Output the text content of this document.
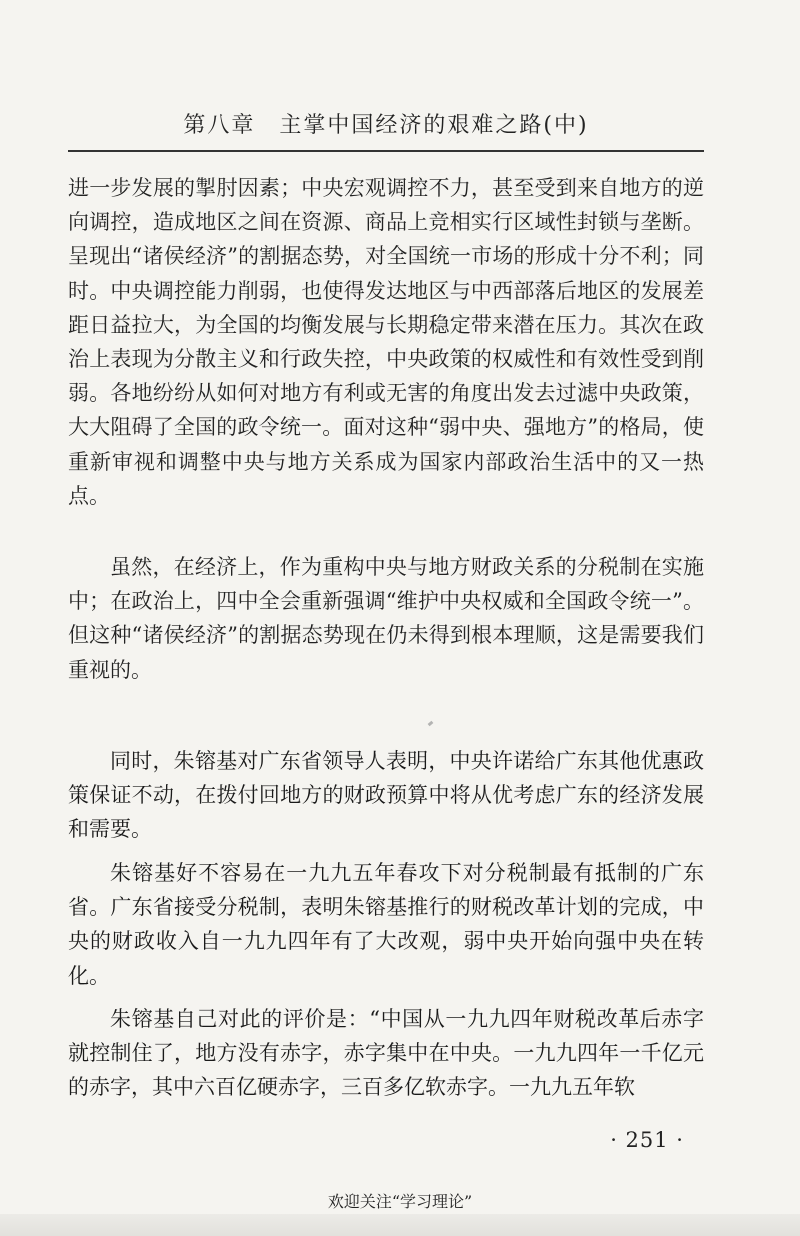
第八章　主掌中国经济的艰难之路(中)

进一步发展的掣肘因素；中央宏观调控不力，甚至受到来自地方的逆向调控，造成地区之间在资源、商品上竞相实行区域性封锁与垄断。呈现出“诸侯经济”的割据态势，对全国统一市场的形成十分不利；同时。中央调控能力削弱，也使得发达地区与中西部落后地区的发展差距日益拉大，为全国的均衡发展与长期稳定带来潜在压力。其次在政治上表现为分散主义和行政失控，中央政策的权威性和有效性受到削弱。各地纷纷从如何对地方有利或无害的角度出发去过滤中央政策，大大阻碍了全国的政令统一。面对这种“弱中央、强地方”的格局，使重新审视和调整中央与地方关系成为国家内部政治生活中的又一热点。

虽然，在经济上，作为重构中央与地方财政关系的分税制在实施中；在政治上，四中全会重新强调“维护中央权威和全国政令统一”。但这种“诸侯经济”的割据态势现在仍未得到根本理顺，这是需要我们重视的。

同时，朱镕基对广东省领导人表明，中央许诺给广东其他优惠政策保证不动，在拨付回地方的财政预算中将从优考虑广东的经济发展和需要。

朱镕基好不容易在一九九五年春攻下对分税制最有抵制的广东省。广东省接受分税制，表明朱镕基推行的财税改革计划的完成，中央的财政收入自一九九四年有了大改观，弱中央开始向强中央在转化。

朱镕基自己对此的评价是：“中国从一九九四年财税改革后赤字就控制住了，地方没有赤字，赤字集中在中央。一九九四年一千亿元的赤字，其中六百亿硬赤字，三百多亿软赤字。一九九五年软

· 251 ·
欢迎关注“学习理论”
